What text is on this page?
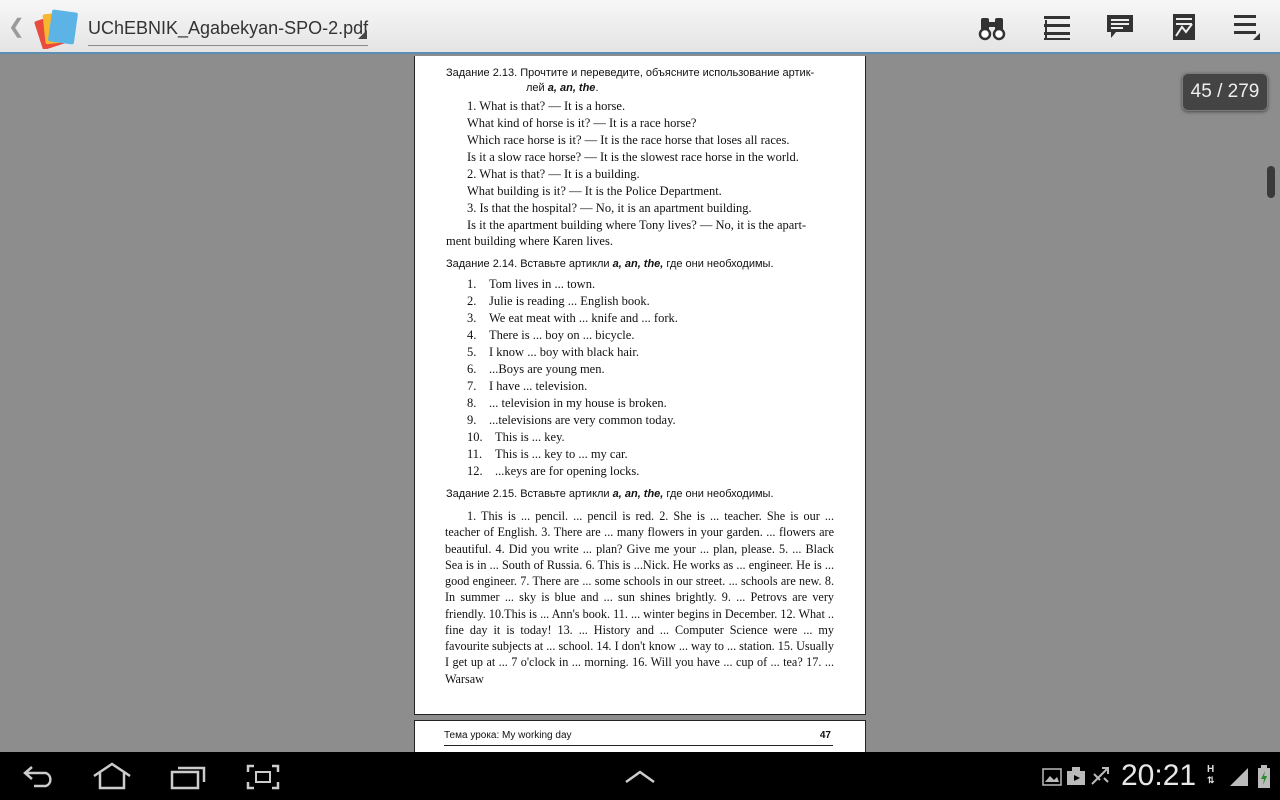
❮	UChEBNIK_Agabekyan-SPO-2.pdf
Задание 2.13. Прочтите и переведите, объясните использование артик-
лей a, an, the.
1. What is that? — It is a horse.
What kind of horse is it? — It is a race horse?
Which race horse is it? — It is the race horse that loses all races.
Is it a slow race horse? — It is the slowest race horse in the world.
2. What is that? — It is a building.
What building is it? — It is the Police Department.
3. Is that the hospital? — No, it is an apartment building.
Is it the apartment building where Tony lives? — No, it is the apart-
ment building where Karen lives.
Задание 2.14. Вставьте артикли a, an, the, где они необходимы.
1. Tom lives in ... town.
2. Julie is reading ... English book.
3. We eat meat with ... knife and ... fork.
4. There is ... boy on ... bicycle.
5. I know ... boy with black hair.
6. ...Boys are young men.
7. I have ... television.
8. ... television in my house is broken.
9. ...televisions are very common today.
10. This is ... key.
11. This is ... key to ... my car.
12. ...keys are for opening locks.
Задание 2.15. Вставьте артикли a, an, the, где они необходимы.
1. This is ... pencil. ... pencil is red. 2. She is ... teacher. She is our ... teacher of English. 3. There are ... many flowers in your garden. ... flowers are beautiful. 4. Did you write ... plan? Give me your ... plan, please. 5. ... Black Sea is in ... South of Russia. 6. This is ...Nick. He works as ... engineer. He is ... good engineer. 7. There are ... some schools in our street. ... schools are new. 8. In summer ... sky is blue and ... sun shines brightly. 9. ... Petrovs are very friendly. 10.This is ... Ann's book. 11. ... winter begins in December. 12. What .. fine day it is today! 13. ... History and ... Computer Science were ... my favourite subjects at ... school. 14. I don't know ... way to ... station. 15. Usually I get up at ... 7 o'clock in ... morning. 16. Will you have ... cup of ... tea? 17. ... Warsaw
Тема урока: My working day	47
45 / 279
20:21 H
⇅
